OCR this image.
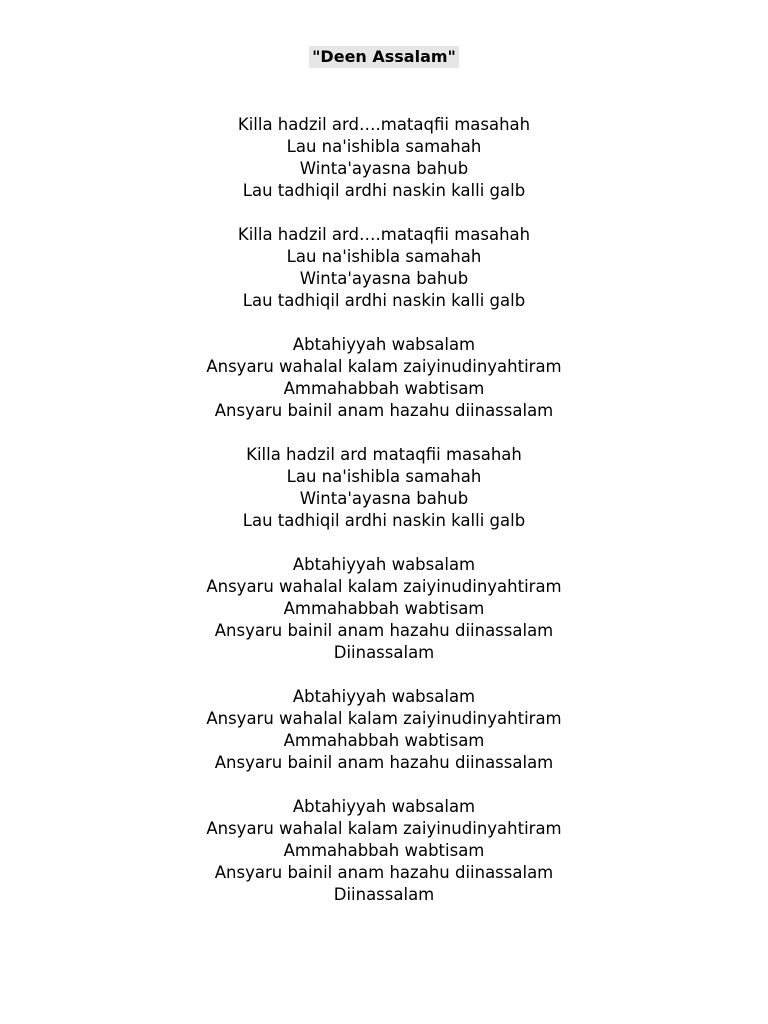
"Deen Assalam"
Killa hadzil ard….mataqfii masahah
Lau na'ishibla samahah
Winta'ayasna bahub
Lau tadhiqil ardhi naskin kalli galb
Killa hadzil ard….mataqfii masahah
Lau na'ishibla samahah
Winta'ayasna bahub
Lau tadhiqil ardhi naskin kalli galb
Abtahiyyah wabsalam
Ansyaru wahalal kalam zaiyinudinyahtiram
Ammahabbah wabtisam
Ansyaru bainil anam hazahu diinassalam
Killa hadzil ard mataqfii masahah
Lau na'ishibla samahah
Winta'ayasna bahub
Lau tadhiqil ardhi naskin kalli galb
Abtahiyyah wabsalam
Ansyaru wahalal kalam zaiyinudinyahtiram
Ammahabbah wabtisam
Ansyaru bainil anam hazahu diinassalam
Diinassalam
Abtahiyyah wabsalam
Ansyaru wahalal kalam zaiyinudinyahtiram
Ammahabbah wabtisam
Ansyaru bainil anam hazahu diinassalam
Abtahiyyah wabsalam
Ansyaru wahalal kalam zaiyinudinyahtiram
Ammahabbah wabtisam
Ansyaru bainil anam hazahu diinassalam
Diinassalam
